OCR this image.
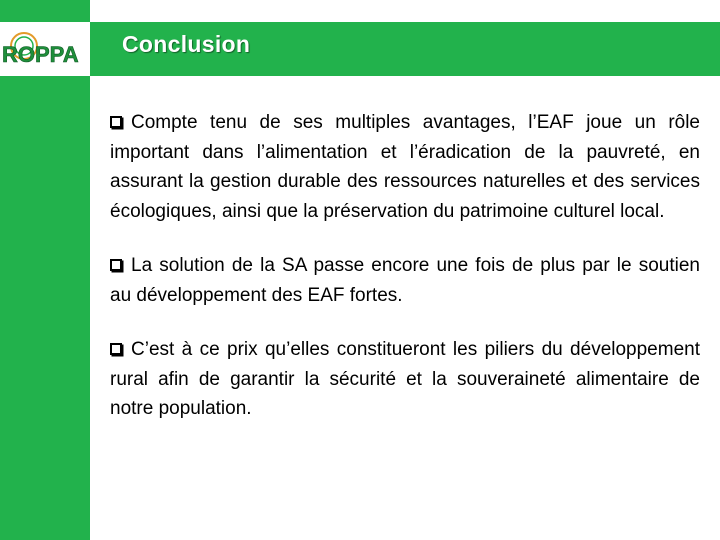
ROPPA Conclusion

Compte tenu de ses multiples avantages, l’EAF joue un rôle important dans l’alimentation et l’éradication de la pauvreté, en assurant la gestion durable des ressources naturelles et des services écologiques, ainsi que la préservation du patrimoine culturel local.

La solution de la SA passe encore une fois de plus par le soutien au développement des EAF fortes.

C’est à ce prix qu’elles constitueront les piliers du développement rural afin de garantir la sécurité et la souveraineté alimentaire de notre population.
